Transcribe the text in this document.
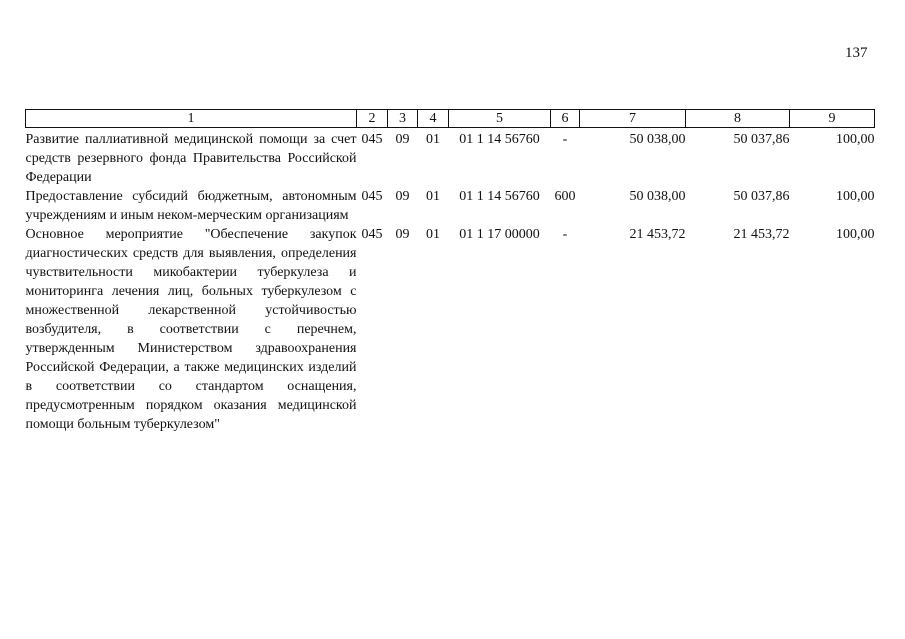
137
1	2	3	4	5	6	7	8	9
Развитие паллиативной медицинской помощи за счет средств резервного фонда Правительства Российской Федерации	045	09	01	01 1 14 56760	-	50 038,00	50 037,86	100,00
Предоставление субсидий бюджетным, автономным учреждениям и иным неком-мерческим организациям	045	09	01	01 1 14 56760	600	50 038,00	50 037,86	100,00
Основное мероприятие "Обеспечение закупок диагностических средств для выявления, определения чувствительности микобактерии туберкулеза и мониторинга лечения лиц, больных туберкулезом с множественной лекарственной устойчивостью возбудителя, в соответствии с перечнем, утвержденным Министерством здравоохранения Российской Федерации, а также медицинских изделий в соответствии со стандартом оснащения, предусмотренным порядком оказания медицинской помощи больным туберкулезом"	045	09	01	01 1 17 00000	-	21 453,72	21 453,72	100,00
